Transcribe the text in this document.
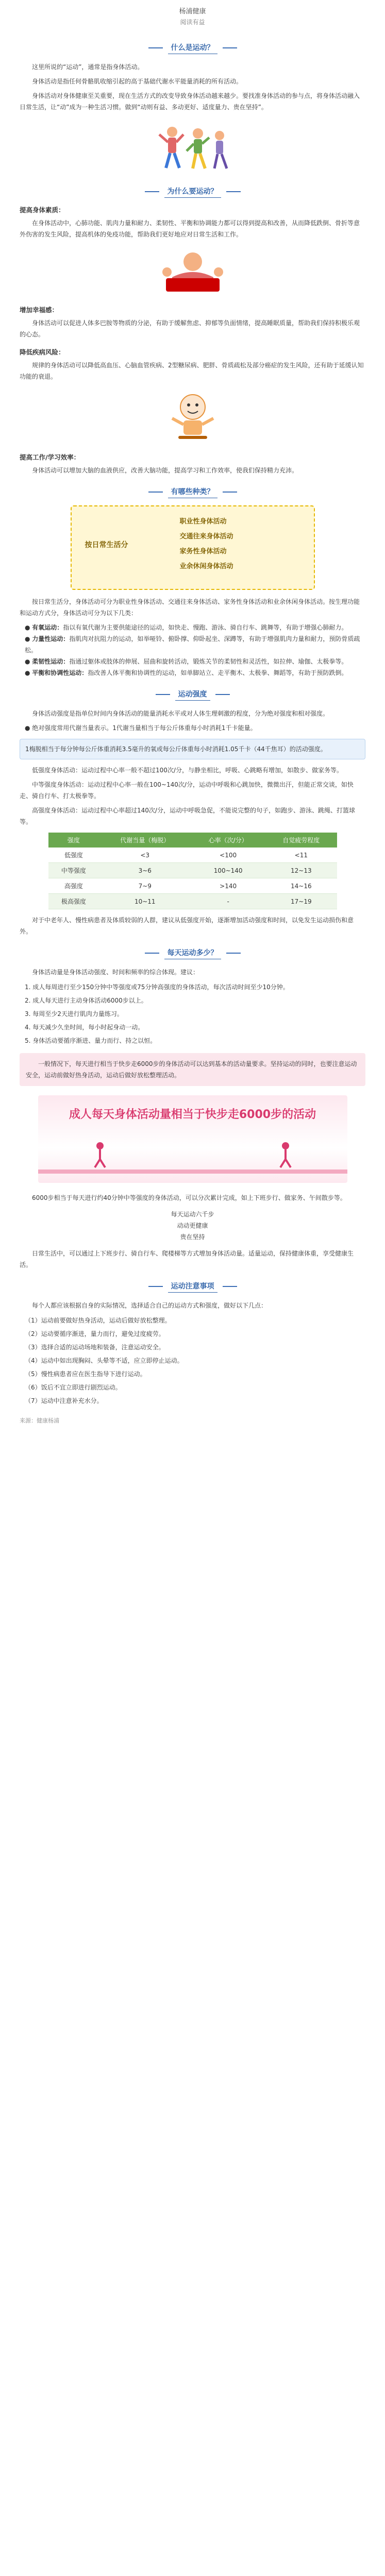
杨浦健康
阅读有益
什么是运动？

这里所说的“运动”，通常是指身体活动。

身体活动是指任何骨骼肌收缩引起的高于基础代谢水平能量消耗的所有活动。

身体活动对身体健康至关重要，现在生活方式的改变导致身体活动越来越少。要找准身体活动的参与点，将身体活动融入日常生活，让“动”成为一种生活习惯。做到“动则有益、多动更好、适度量力、贵在坚持”。

为什么要运动？
提高身体素质：

在身体活动中，心肺功能、肌肉力量和耐力、柔韧性、平衡和协调能力都可以得到提高和改善，从而降低跌倒、骨折等意外伤害的发生风险，提高机体的免疫功能，帮助我们更好地应对日常生活和工作。

增加幸福感：

身体活动可以促进人体多巴胺等物质的分泌，有助于缓解焦虑、抑郁等负面情绪，提高睡眠质量，帮助我们保持积极乐观的心态。

降低疾病风险：

规律的身体活动可以降低高血压、心脑血管疾病、2型糖尿病、肥胖、骨质疏松及部分癌症的发生风险，还有助于延缓认知功能的衰退。

提高工作/学习效率：

身体活动可以增加大脑的血液供应，改善大脑功能，提高学习和工作效率，使我们保持精力充沛。

有哪些种类？
按日常生活分
职业性身体活动
交通往来身体活动
家务性身体活动
业余休闲身体活动

按日常生活分，身体活动可分为职业性身体活动、交通往来身体活动、家务性身体活动和业余休闲身体活动。按生理功能和运动方式分，身体活动可分为以下几类：

● 有氧运动：指以有氧代谢为主要供能途径的运动，如快走、慢跑、游泳、骑自行车、跳舞等，有助于增强心肺耐力。
● 力量性运动：指肌肉对抗阻力的运动，如举哑铃、俯卧撑、仰卧起坐、深蹲等，有助于增强肌肉力量和耐力，预防骨质疏松。
● 柔韧性运动：指通过躯体或肢体的伸展、屈曲和旋转活动，锻炼关节的柔韧性和灵活性，如拉伸、瑜伽、太极拳等。
● 平衡和协调性运动：指改善人体平衡和协调性的运动，如单脚站立、走平衡木、太极拳、舞蹈等，有助于预防跌倒。
运动强度

身体活动强度是指单位时间内身体活动的能量消耗水平或对人体生理刺激的程度，分为绝对强度和相对强度。

● 绝对强度常用代谢当量表示。1代谢当量相当于每公斤体重每小时消耗1千卡能量。

1梅脱相当于每分钟每公斤体重消耗3.5毫升的氧或每公斤体重每小时消耗1.05千卡（44千焦耳）的活动强度。

低强度身体活动：运动过程中心率一般不超过100次/分，与静坐相比，呼吸、心跳略有增加，如散步、做家务等。

中等强度身体活动：运动过程中心率一般在100~140次/分，运动中呼吸和心跳加快，微微出汗，但能正常交谈，如快走、骑自行车、打太极拳等。

高强度身体活动：运动过程中心率超过140次/分，运动中呼吸急促，不能说完整的句子，如跑步、游泳、跳绳、打篮球等。

强度	代谢当量（梅脱）	心率（次/分）	自觉疲劳程度
低强度	<3	<100	<11
中等强度	3~6	100~140	12~13
高强度	7~9	>140	14~16
极高强度	10~11	-	17~19

对于中老年人、慢性病患者及体质较弱的人群，建议从低强度开始，逐渐增加活动强度和时间，以免发生运动损伤和意外。

每天运动多少？

身体活动量是身体活动强度、时间和频率的综合体现。建议：

1. 成人每周进行至少150分钟中等强度或75分钟高强度的身体活动，每次活动时间至少10分钟。
2. 成人每天进行主动身体活动6000步以上。
3. 每周至少2天进行肌肉力量练习。
4. 每天减少久坐时间，每小时起身动一动。
5. 身体活动要循序渐进、量力而行、持之以恒。

一般情况下，每天进行相当于快步走6000步的身体活动可以达到基本的活动量要求。坚持运动的同时，也要注意运动安全，运动前做好热身活动，运动后做好放松整理活动。

成人每天身体活动量相当于快步走6000步的活动

6000步相当于每天进行约40分钟中等强度的身体活动，可以分次累计完成，如上下班步行、做家务、午间散步等。

每天运动六千步
动动更健康
贵在坚持

日常生活中，可以通过上下班步行、骑自行车、爬楼梯等方式增加身体活动量。适量运动，保持健康体重，享受健康生活。

运动注意事项

每个人都应该根据自身的实际情况，选择适合自己的运动方式和强度，做好以下几点：

（1）运动前要做好热身活动，运动后做好放松整理。
（2）运动要循序渐进，量力而行，避免过度疲劳。
（3）选择合适的运动场地和装备，注意运动安全。
（4）运动中如出现胸闷、头晕等不适，应立即停止运动。
（5）慢性病患者应在医生指导下进行运动。
（6）饭后不宜立即进行剧烈运动。
（7）运动中注意补充水分。
来源：健康杨浦
